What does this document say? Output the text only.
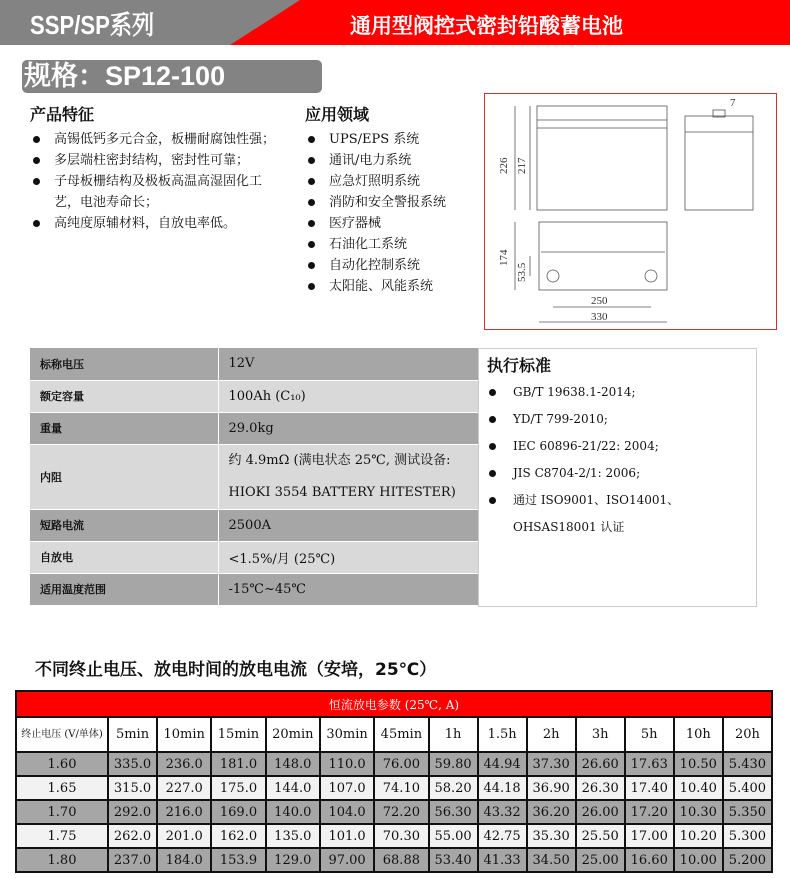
SSP/SP系列	通用型阀控式密封铅酸蓄电池
规格：SP12-100
产品特征
高锡低钙多元合金，板栅耐腐蚀性强；
多层端柱密封结构，密封性可靠；
子母板栅结构及极板高温高湿固化工艺，电池寿命长；
高纯度原辅材料，自放电率低。
应用领域
UPS/EPS 系统
通讯/电力系统
应急灯照明系统
消防和安全警报系统
医疗器械
石油化工系统
自动化控制系统
太阳能、风能系统
226 217
174
53.5
250
330
7
标称电压	12V

额定容量	100Ah (C₁₀)

重量	29.0kg

内阻	约 4.9mΩ (满电状态 25℃, 测试设备:
HIOKI 3554 BATTERY HITESTER)

短路电流	2500A

自放电	<1.5%/月 (25℃)

适用温度范围	-15℃~45℃
执行标准
GB/T 19638.1-2014;
YD/T 799-2010;
IEC 60896-21/22: 2004;
JIS C8704-2/1: 2006;
通过 ISO9001、ISO14001、OHSAS18001 认证
不同终止电压、放电时间的放电电流（安培，25℃）
恒流放电参数 (25℃, A)													
终止电压 (V/单体)	5min	10min	15min	20min	30min	45min	1h	1.5h	2h	3h	5h	10h	20h
1.60	335.0	236.0	181.0	148.0	110.0	76.00	59.80	44.94	37.30	26.60	17.63	10.50	5.430
1.65	315.0	227.0	175.0	144.0	107.0	74.10	58.20	44.18	36.90	26.30	17.40	10.40	5.400
1.70	292.0	216.0	169.0	140.0	104.0	72.20	56.30	43.32	36.20	26.00	17.20	10.30	5.350
1.75	262.0	201.0	162.0	135.0	101.0	70.30	55.00	42.75	35.30	25.50	17.00	10.20	5.300
1.80	237.0	184.0	153.9	129.0	97.00	68.88	53.40	41.33	34.50	25.00	16.60	10.00	5.200
